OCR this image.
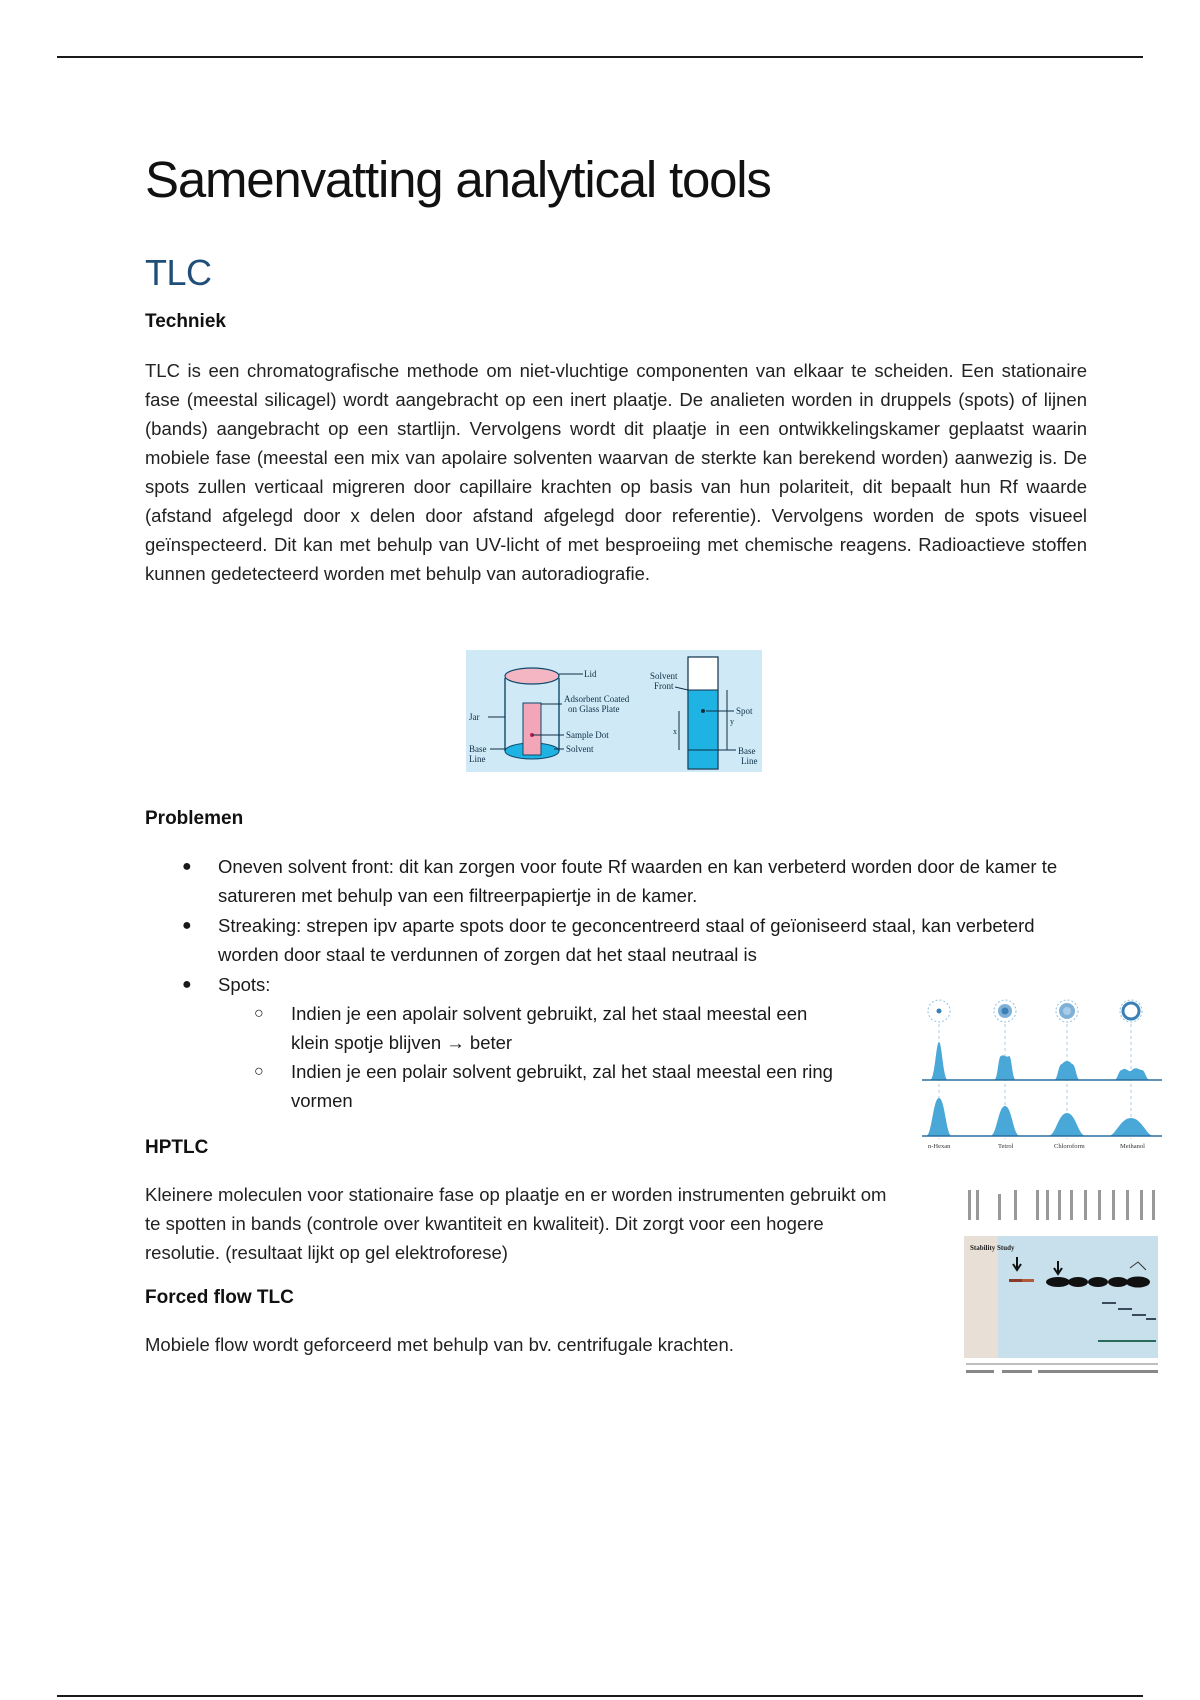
Samenvatting analytical tools
TLC
Techniek

TLC is een chromatografische methode om niet-vluchtige componenten van elkaar te scheiden. Een stationaire fase (meestal silicagel) wordt aangebracht op een inert plaatje. De analieten worden in druppels (spots) of lijnen (bands) aangebracht op een startlijn. Vervolgens wordt dit plaatje in een ontwikkelingskamer geplaatst waarin mobiele fase (meestal een mix van apolaire solventen waarvan de sterkte kan berekend worden) aanwezig is. De spots zullen verticaal migreren door capillaire krachten op basis van hun polariteit, dit bepaalt hun Rf waarde (afstand afgelegd door x delen door afstand afgelegd door referentie). Vervolgens worden de spots visueel geïnspecteerd. Dit kan met behulp van UV-licht of met besproeiing met chemische reagens. Radioactieve stoffen kunnen gedetecteerd worden met behulp van autoradiografie.

Lid
Adsorbent Coated
on Glass Plate
Jar
Sample Dot
Solvent
Base
Line
Solvent
Front
x
y
Spot
Base
Line
Problemen
● Oneven solvent front: dit kan zorgen voor foute Rf waarden en kan verbeterd worden door de kamer te satureren met behulp van een filtreerpapiertje in de kamer.
● Streaking: strepen ipv aparte spots door te geconcentreerd staal of geïoniseerd staal, kan verbeterd worden door staal te verdunnen of zorgen dat het staal neutraal is
● Spots:
○ Indien je een apolair solvent gebruikt, zal het staal meestal een klein spotje blijven → beter
○ Indien je een polair solvent gebruikt, zal het staal meestal een ring vormen
n-Hexan	Tetrol	Chloroform	Methanol
HPTLC

Kleinere moleculen voor stationaire fase op plaatje en er worden instrumenten gebruikt om te spotten in bands (controle over kwantiteit en kwaliteit). Dit zorgt voor een hogere resolutie. (resultaat lijkt op gel elektroforese)	Stability Study
Forced flow TLC

Mobiele flow wordt geforceerd met behulp van bv. centrifugale krachten.
